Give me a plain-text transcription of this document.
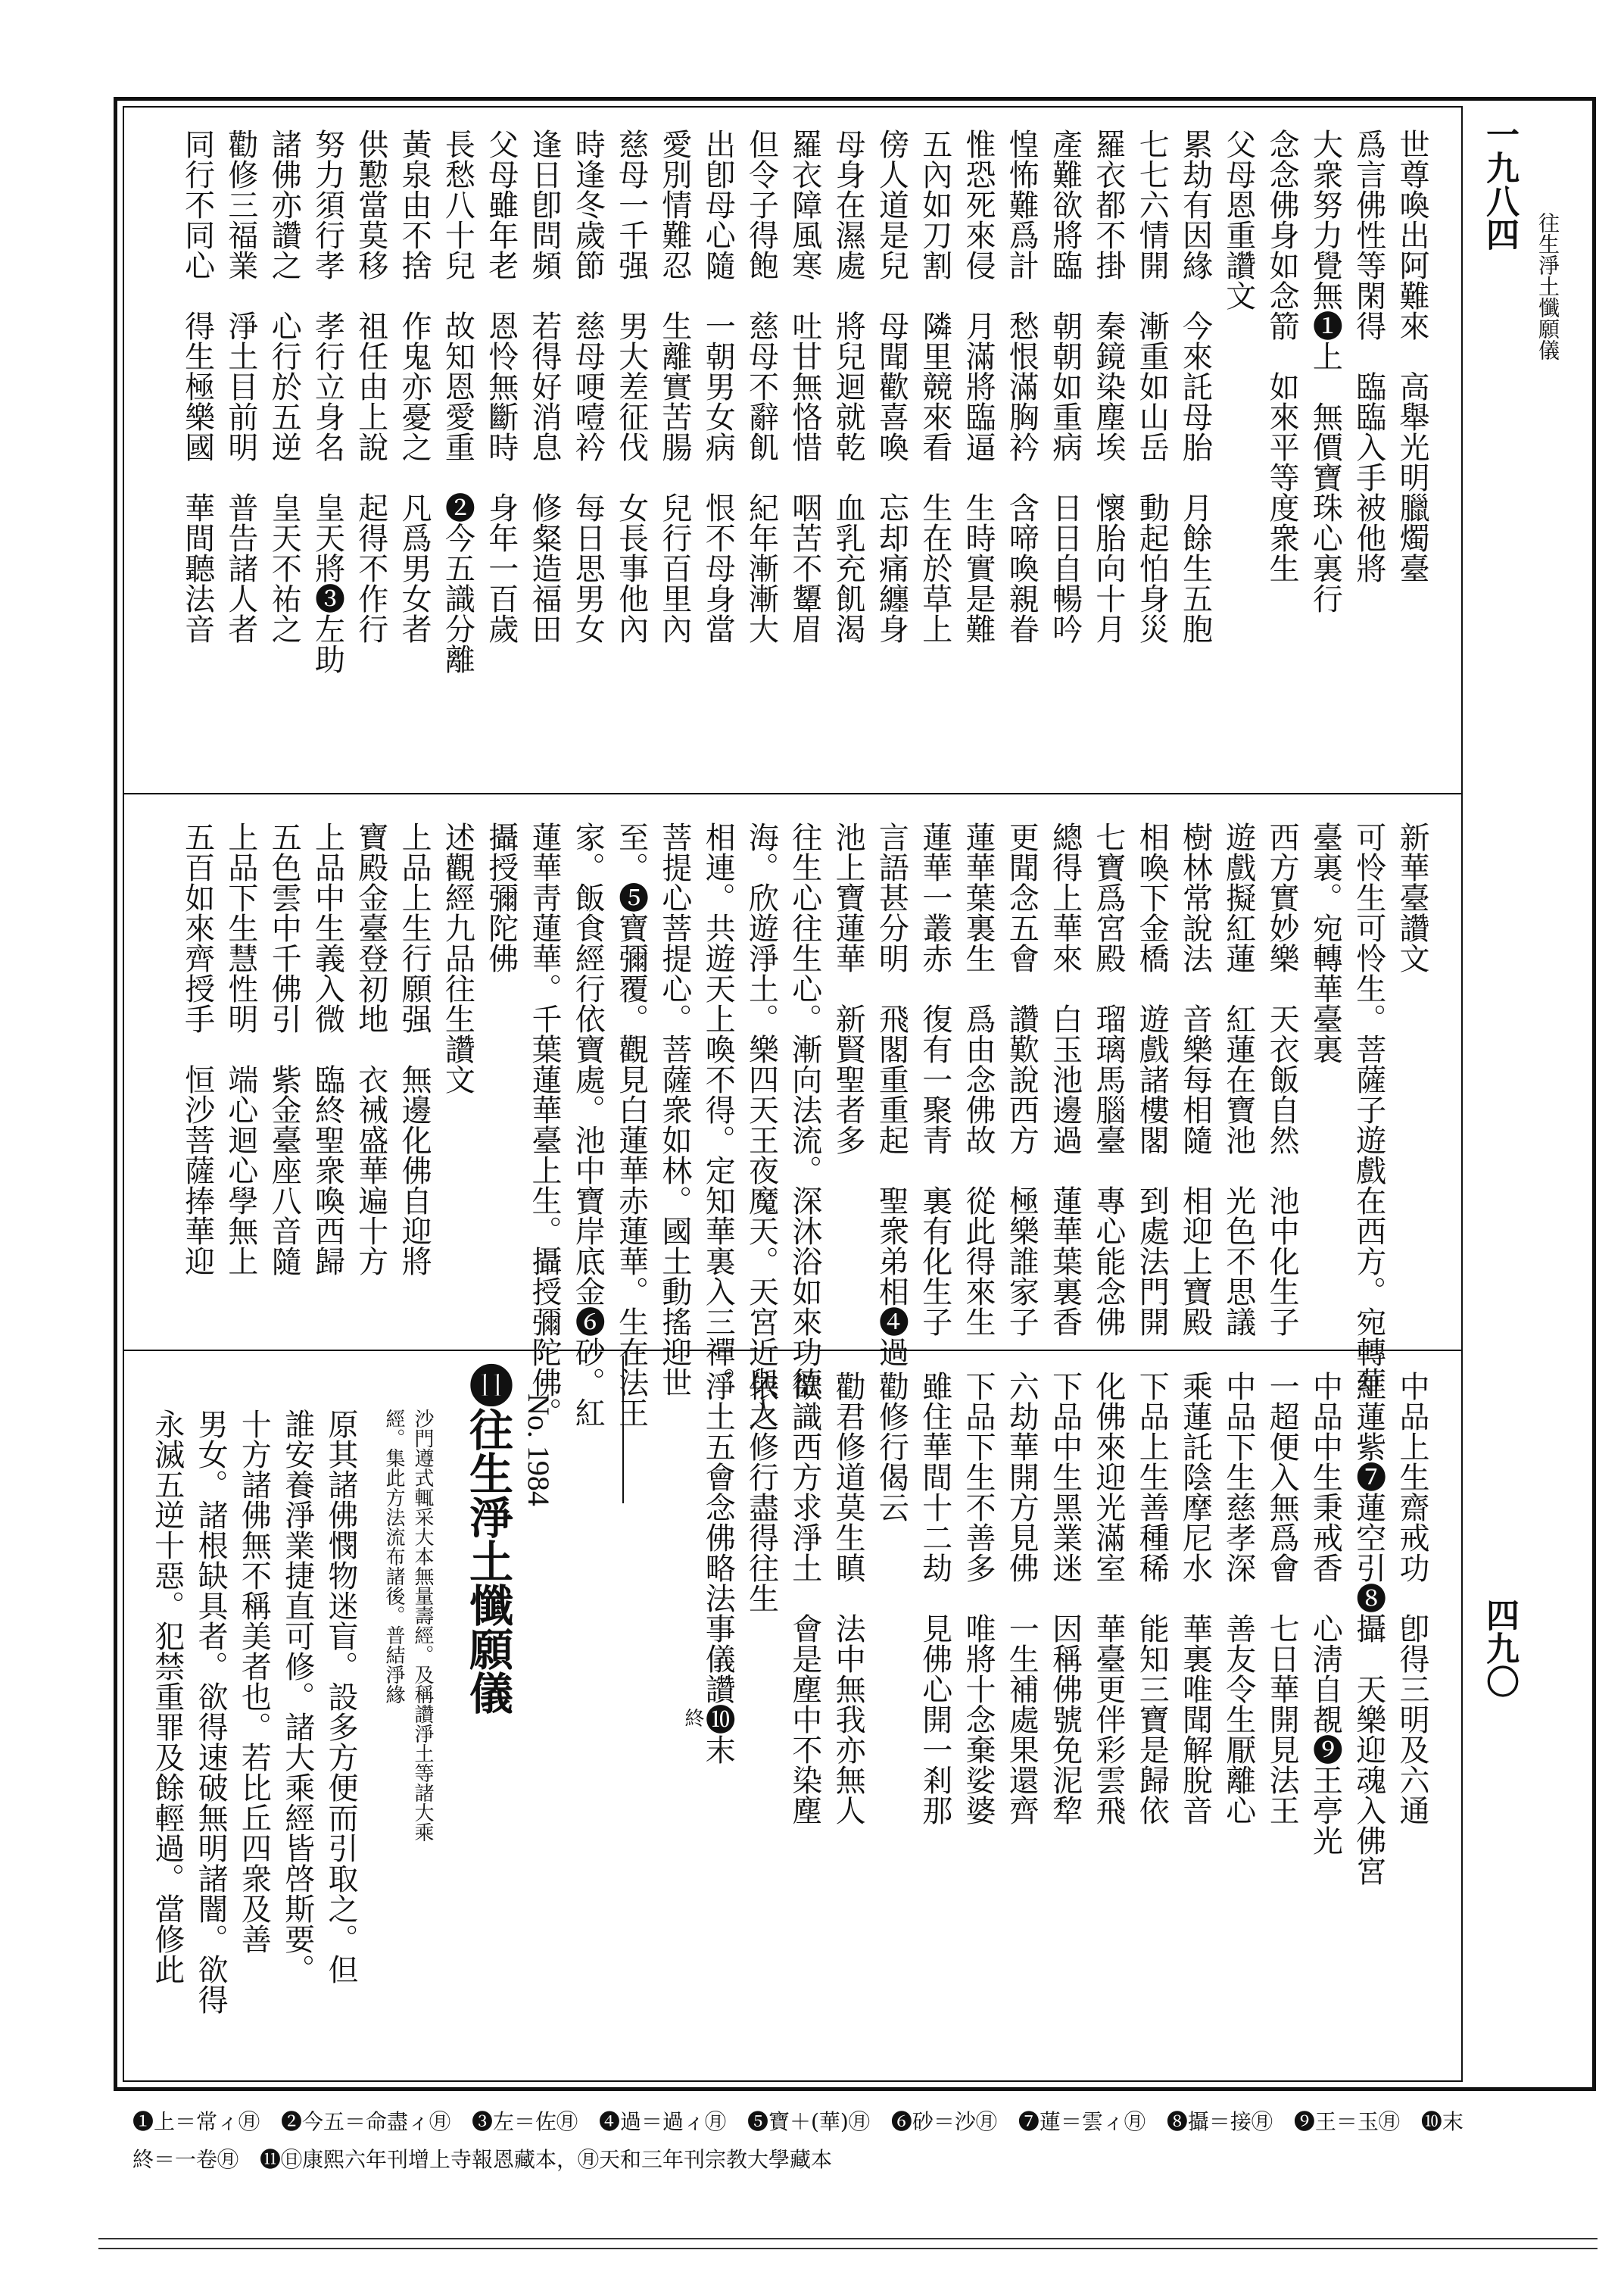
一九八四
往生淨土懺願儀
四九〇
世尊喚出阿難來　高舉光明臘燭臺
爲言佛性等閑得　臨臨入手被他將
大衆努力覺無❶上　無價寶珠心裏行
念念佛身如念箭　如來平等度衆生
父母恩重讚文
累劫有因緣　今來託母胎　月餘生五胞
七七六情開　漸重如山岳　動起怕身災
羅衣都不掛　秦鏡染塵埃　懷胎向十月
產難欲將臨　朝朝如重病　日日自暢吟
惶怖難爲計　愁恨滿胸衿　含啼喚親眷
惟恐死來侵　月滿將臨逼　生時實是難
五內如刀割　隣里競來看　生在於草上
傍人道是兒　母聞歡喜喚　忘却痛纏身
母身在濕處　將兒迴就乾　血乳充飢渴
羅衣障風寒　吐甘無恪惜　咽苦不顰眉
但令子得飽　慈母不辭飢　紀年漸漸大
出卽母心隨　一朝男女病　恨不母身當
愛別情難忍　生離實苦腸　兒行百里內
慈母一千强　男大差征伐　女長事他內
時逢冬歲節　慈母哽噎衿　每日思男女
逢日卽問頻　若得好消息　修粲造福田
父母雖年老　恩怜無斷時　身年一百歲
長愁八十兒　故知恩愛重　❷今五識分離
黃泉由不捨　作鬼亦憂之　凡爲男女者
供懃當莫移　祖任由上說　起得不作行
努力須行孝　孝行立身名　皇天將❸左助
諸佛亦讚之　心行於五逆　皇天不祐之
勸修三福業　淨土目前明　普告諸人者
同行不同心　得生極樂國　華間聽法音
新華臺讚文
可怜生可怜生。菩薩子遊戲在西方。宛轉華
臺裏。宛轉華臺裏
西方實妙樂　天衣飯自然　池中化生子
遊戲擬紅蓮　紅蓮在寶池　光色不思議
樹林常說法　音樂每相隨　相迎上寶殿
相喚下金橋　遊戲諸樓閣　到處法門開
七寶爲宮殿　瑠璃馬腦臺　專心能念佛
總得上華來　白玉池邊過　蓮華葉裏香
更聞念五會　讚歎說西方　極樂誰家子
蓮華葉裏生　爲由念佛故　從此得來生
蓮華一叢赤　復有一聚青　裏有化生子
言語甚分明　飛閣重重起　聖衆弟相❹過
池上寶蓮華　新賢聖者多
往生心往生心。漸向法流。深沐浴如來功德
海。欣遊淨土。樂四天王夜魔天。天宮近與人
相連。共遊天上喚不得。定知華裏入三禪。
菩提心菩提心。菩薩衆如林。國土動搖迎世
至。❺寶彌覆。觀見白蓮華赤蓮華。生在法王
家。飯食經行依寶處。池中寶岸底金❻砂。紅
蓮華靑蓮華。千葉蓮華臺上生。攝授彌陀佛。
攝授彌陀佛
述觀經九品往生讚文
上品上生行願强　無邊化佛自迎將
寶殿金臺登初地　衣祴盛華遍十方
上品中生義入微　臨終聖衆喚西歸
五色雲中千佛引　紫金臺座八音隨
上品下生慧性明　端心迴心學無上
五百如來齊授手　恒沙菩薩捧華迎
中品上生齋戒功　卽得三明及六通
紅蓮紫❼蓮空引❽攝　天樂迎魂入佛宮
中品中生秉戒香　心淸自覩❾王亭光
一超便入無爲會　七日華開見法王
中品下生慈孝深　善友令生厭離心
乘蓮託陰摩尼水　華裏唯聞解脫音
下品上生善種稀　能知三寶是歸依
化佛來迎光滿室　華臺更伴彩雲飛
下品中生黑業迷　因稱佛號免泥犂
六劫華開方見佛　一生補處果還齊
下品下生不善多　唯將十念棄娑婆
雖住華間十二劫　見佛心開一剎那
勸修行偈云
勸君修道莫生瞋　法中無我亦無人
欲識西方求淨土　會是塵中不染塵
依之修行盡得往生
淨土五會念佛略法事儀讚❿末
終
No. 1984
⓫往生淨土懺願儀
沙門遵式輒采大本無量壽經。及稱讚淨土等諸大乘
經。集此方法流布諸後。普結淨緣
原其諸佛憫物迷盲。設多方便而引取之。但
誰安養淨業捷直可修。諸大乘經皆啓斯要。
十方諸佛無不稱美者也。若比丘四衆及善
男女。諸根缺具者。欲得速破無明諸闇。欲得
永滅五逆十惡。犯禁重罪及餘輕過。當修此
❶上＝常ィ㊊　❷今五＝命盡ィ㊊　❸左＝佐㊊　❹過＝過ィ㊊　❺寶＋(華)㊊　❻砂＝沙㊊　❼蓮＝雲ィ㊊　❽攝＝接㊊　❾王＝玉㊊　❿末
終＝一卷㊊　⓫㊐康熙六年刊增上寺報恩藏本，㊊天和三年刊宗教大學藏本
